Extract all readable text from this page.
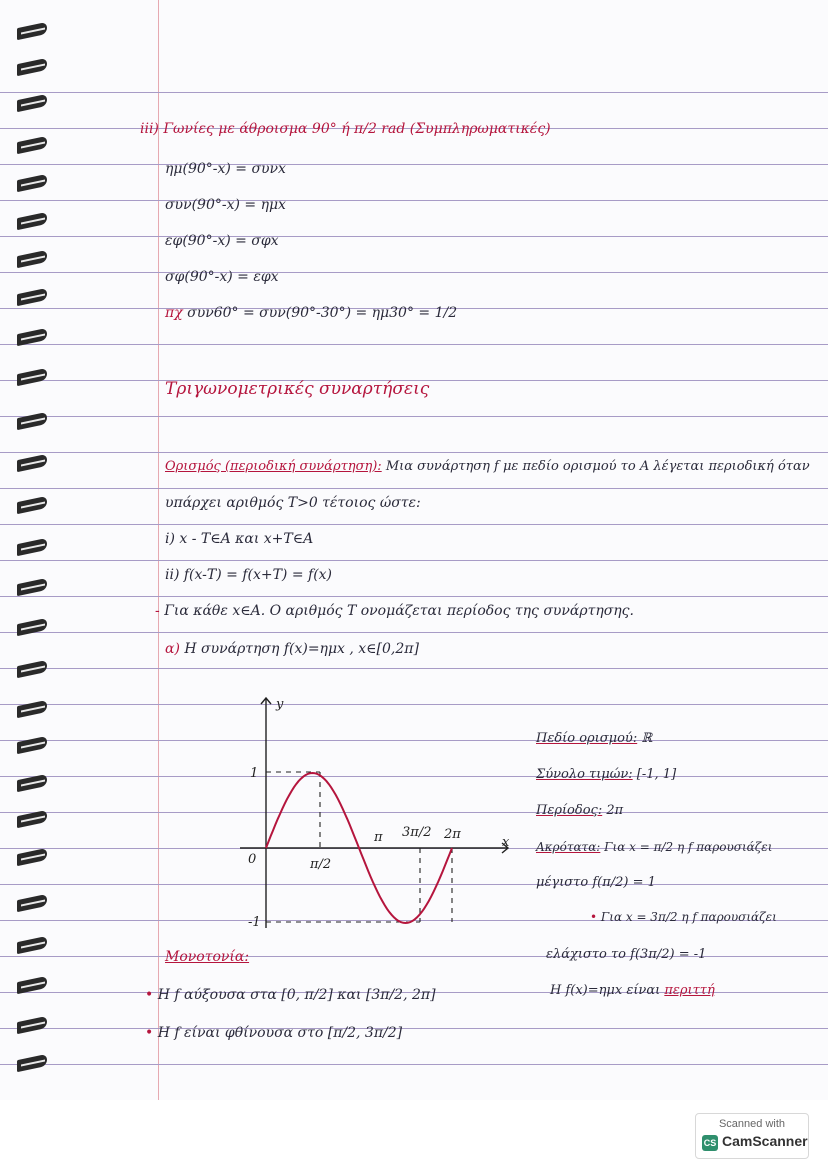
iii) Γωνίες με άθροισμα 90° ή π/2 rad (Συμπληρωματικές)
ημ(90°-x) = συνx
συν(90°-x) = ημx
εφ(90°-x) = σφx
σφ(90°-x) = εφx
πχ συν60° = συν(90°-30°) = ημ30° = 1/2
Τριγωνομετρικές συναρτήσεις
Ορισμός (περιοδική συνάρτηση): Μια συνάρτηση f με πεδίο ορισμού το Α λέγεται περιοδική όταν
υπάρχει αριθμός Τ>0 τέτοιος ώστε:
i) x - Τ∈Α και x+Τ∈Α
ii) f(x-Τ) = f(x+Τ) = f(x)
- Για κάθε x∈Α. Ο αριθμός Τ ονομάζεται περίοδος της συνάρτησης.
α) Η συνάρτηση f(x)=ημx , x∈[0,2π]
y
x
0
1
-1
π/2
π 3π/2 2π
Πεδίο ορισμού: ℝ
Σύνολο τιμών: [-1, 1]
Περίοδος: 2π
Ακρότατα: Για x = π/2 η f παρουσιάζει
μέγιστο f(π/2) = 1
• Για x = 3π/2 η f παρουσιάζει
ελάχιστο το f(3π/2) = -1
Η f(x)=ημx είναι περιττή
Μονοτονία:
• Η f αύξουσα στα [0, π/2] και [3π/2, 2π]
• Η f είναι φθίνουσα στο [π/2, 3π/2]
Scanned with
CS CamScanner
